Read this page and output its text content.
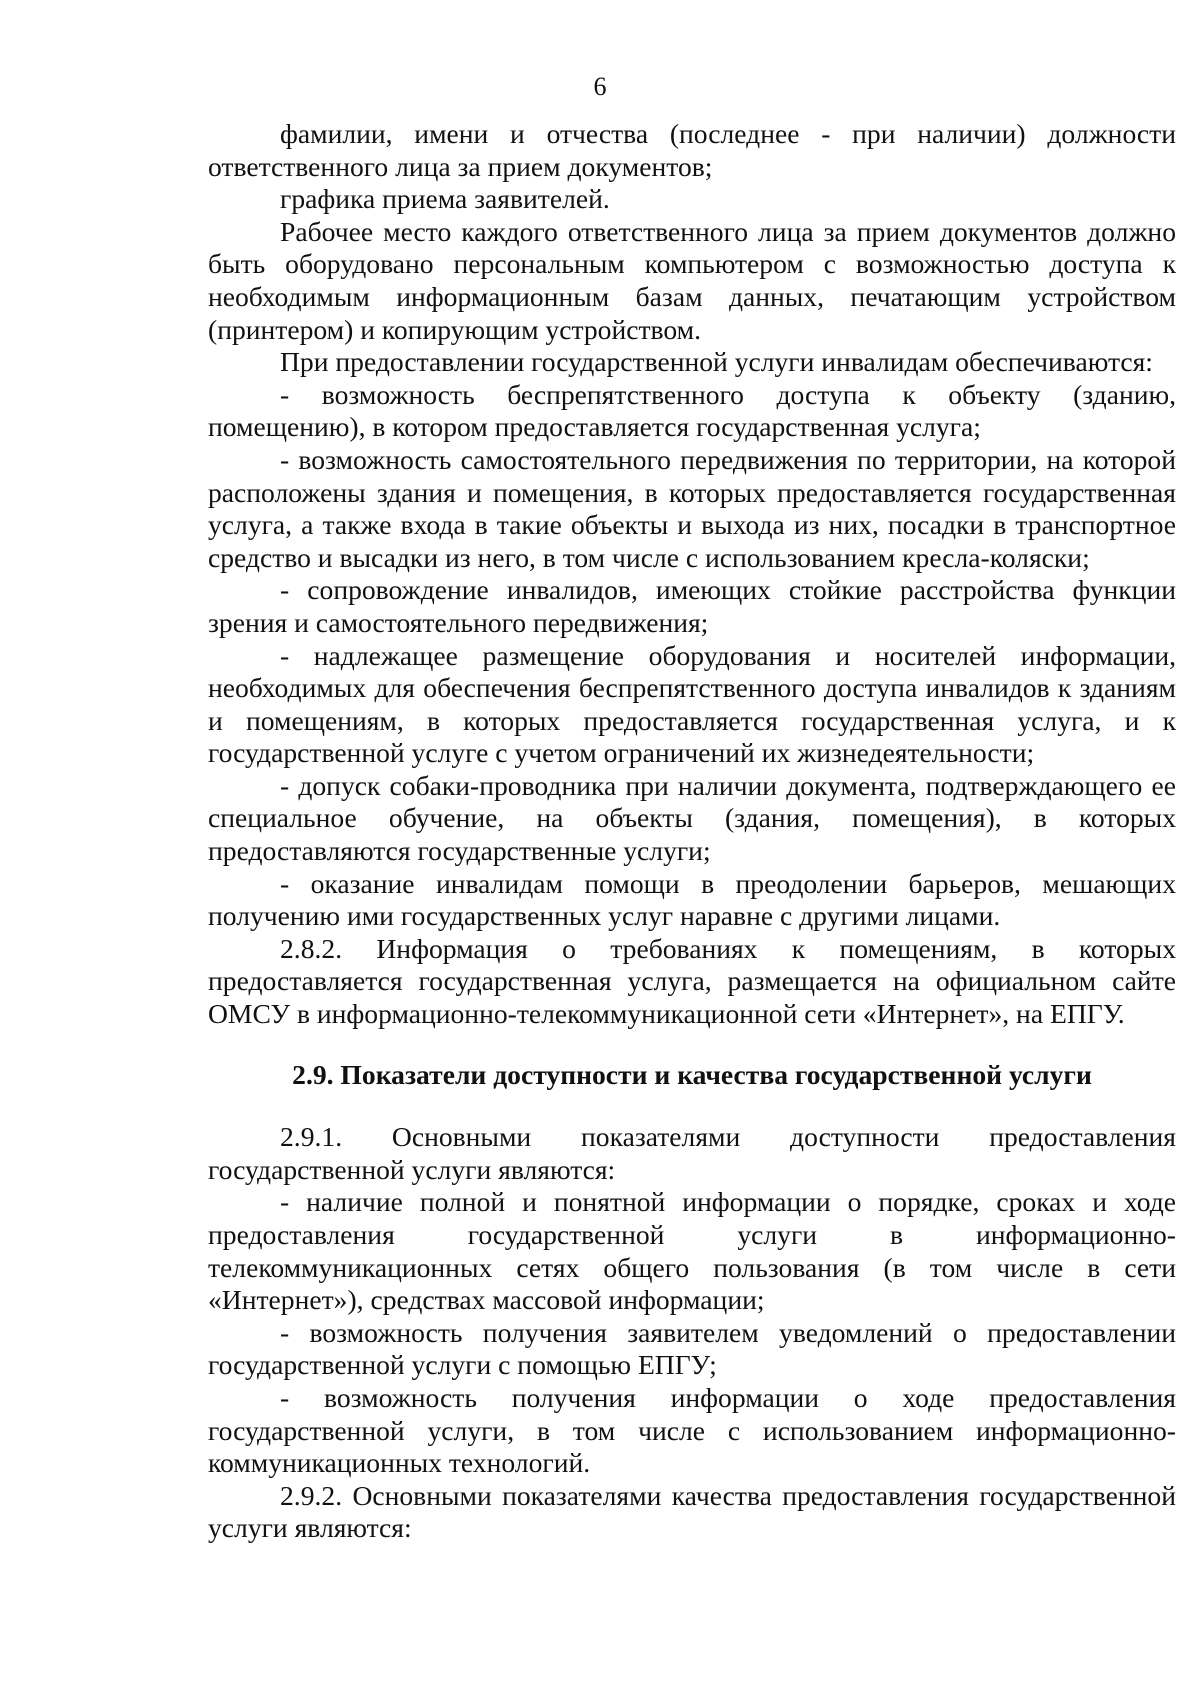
6

фамилии, имени и отчества (последнее - при наличии) должности ответственного лица за прием документов;

графика приема заявителей.

Рабочее место каждого ответственного лица за прием документов должно быть оборудовано персональным компьютером с возможностью доступа к необходимым информационным базам данных, печатающим устройством (принтером) и копирующим устройством.

При предоставлении государственной услуги инвалидам обеспечиваются:

- возможность беспрепятственного доступа к объекту (зданию, помещению), в котором предоставляется государственная услуга;

- возможность самостоятельного передвижения по территории, на которой расположены здания и помещения, в которых предоставляется государственная услуга, а также входа в такие объекты и выхода из них, посадки в транспортное средство и высадки из него, в том числе с использованием кресла-коляски;

- сопровождение инвалидов, имеющих стойкие расстройства функции зрения и самостоятельного передвижения;

- надлежащее размещение оборудования и носителей информации, необходимых для обеспечения беспрепятственного доступа инвалидов к зданиям и помещениям, в которых предоставляется государственная услуга, и к государственной услуге с учетом ограничений их жизнедеятельности;

- допуск собаки-проводника при наличии документа, подтверждающего ее специальное обучение, на объекты (здания, помещения), в которых предоставляются государственные услуги;

- оказание инвалидам помощи в преодолении барьеров, мешающих получению ими государственных услуг наравне с другими лицами.

2.8.2. Информация о требованиях к помещениям, в которых предоставляется государственная услуга, размещается на официальном сайте ОМСУ в информационно-телекоммуникационной сети «Интернет», на ЕПГУ.

2.9. Показатели доступности и качества государственной услуги

2.9.1. Основными показателями доступности предоставления государственной услуги являются:

- наличие полной и понятной информации о порядке, сроках и ходе предоставления государственной услуги в информационно-телекоммуникационных сетях общего пользования (в том числе в сети «Интернет»), средствах массовой информации;

- возможность получения заявителем уведомлений о предоставлении государственной услуги с помощью ЕПГУ;

- возможность получения информации о ходе предоставления государственной услуги, в том числе с использованием информационно-коммуникационных технологий.

2.9.2. Основными показателями качества предоставления государственной услуги являются:
